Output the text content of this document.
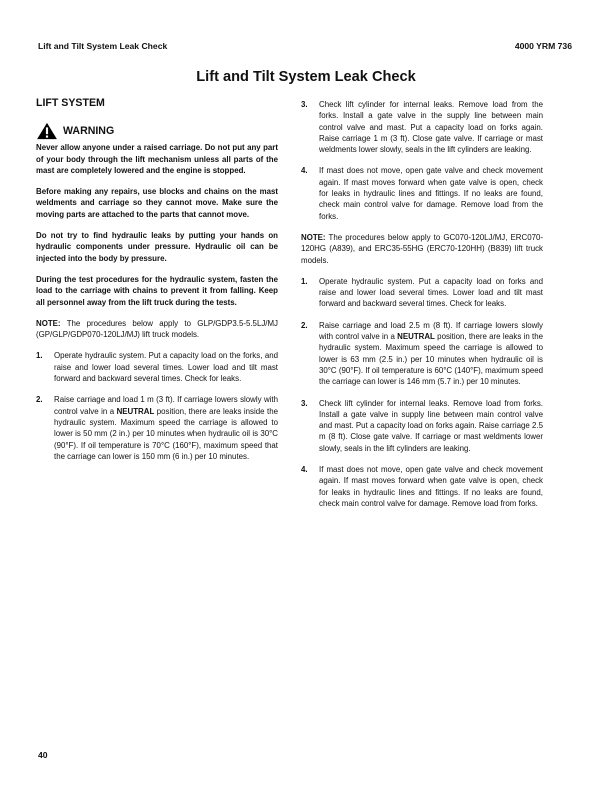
Lift and Tilt System Leak Check	4000 YRM 736
Lift and Tilt System Leak Check
LIFT SYSTEM
WARNING

Never allow anyone under a raised carriage. Do not put any part of your body through the lift mechanism unless all parts of the mast are completely lowered and the engine is stopped.

Before making any repairs, use blocks and chains on the mast weldments and carriage so they cannot move. Make sure the moving parts are attached to the parts that cannot move.

Do not try to find hydraulic leaks by putting your hands on hydraulic components under pressure. Hydraulic oil can be injected into the body by pressure.

During the test procedures for the hydraulic system, fasten the load to the carriage with chains to prevent it from falling. Keep all personnel away from the lift truck during the tests.

NOTE: The procedures below apply to GLP/GDP3.5-5.5LJ/MJ (GP/GLP/GDP070-120LJ/MJ) lift truck models.

1.	Operate hydraulic system. Put a capacity load on the forks, and raise and lower load several times. Lower load and tilt mast forward and backward several times. Check for leaks.
2.	Raise carriage and load 1 m (3 ft). If carriage lowers slowly with control valve in a NEUTRAL position, there are leaks inside the hydraulic system. Maximum speed the carriage is allowed to lower is 50 mm (2 in.) per 10 minutes when hydraulic oil is 30°C (90°F). If oil temperature is 70°C (160°F), maximum speed that the carriage can lower is 150 mm (6 in.) per 10 minutes.
3.	Check lift cylinder for internal leaks. Remove load from the forks. Install a gate valve in the supply line between main control valve and mast. Put a capacity load on forks again. Raise carriage 1 m (3 ft). Close gate valve. If carriage or mast weldments lower slowly, seals in the lift cylinders are leaking.
4.	If mast does not move, open gate valve and check movement again. If mast moves forward when gate valve is open, check for leaks in hydraulic lines and fittings. If no leaks are found, check main control valve for damage. Remove load from the forks.

NOTE: The procedures below apply to GC070-120LJ/MJ, ERC070-120HG (A839), and ERC35-55HG (ERC70-120HH) (B839) lift truck models.

1.	Operate hydraulic system. Put a capacity load on forks and raise and lower load several times. Lower load and tilt mast forward and backward several times. Check for leaks.
2.	Raise carriage and load 2.5 m (8 ft). If carriage lowers slowly with control valve in a NEUTRAL position, there are leaks in the hydraulic system. Maximum speed the carriage is allowed to lower is 63 mm (2.5 in.) per 10 minutes when hydraulic oil is 30°C (90°F). If oil temperature is 60°C (140°F), maximum speed the carriage can lower is 146 mm (5.7 in.) per 10 minutes.
3.	Check lift cylinder for internal leaks. Remove load from forks. Install a gate valve in supply line between main control valve and mast. Put a capacity load on forks again. Raise carriage 2.5 m (8 ft). Close gate valve. If carriage or mast weldments lower slowly, seals in the lift cylinders are leaking.
4.	If mast does not move, open gate valve and check movement again. If mast moves forward when gate valve is open, check for leaks in hydraulic lines and fittings. If no leaks are found, check main control valve for damage. Remove load from forks.
40
